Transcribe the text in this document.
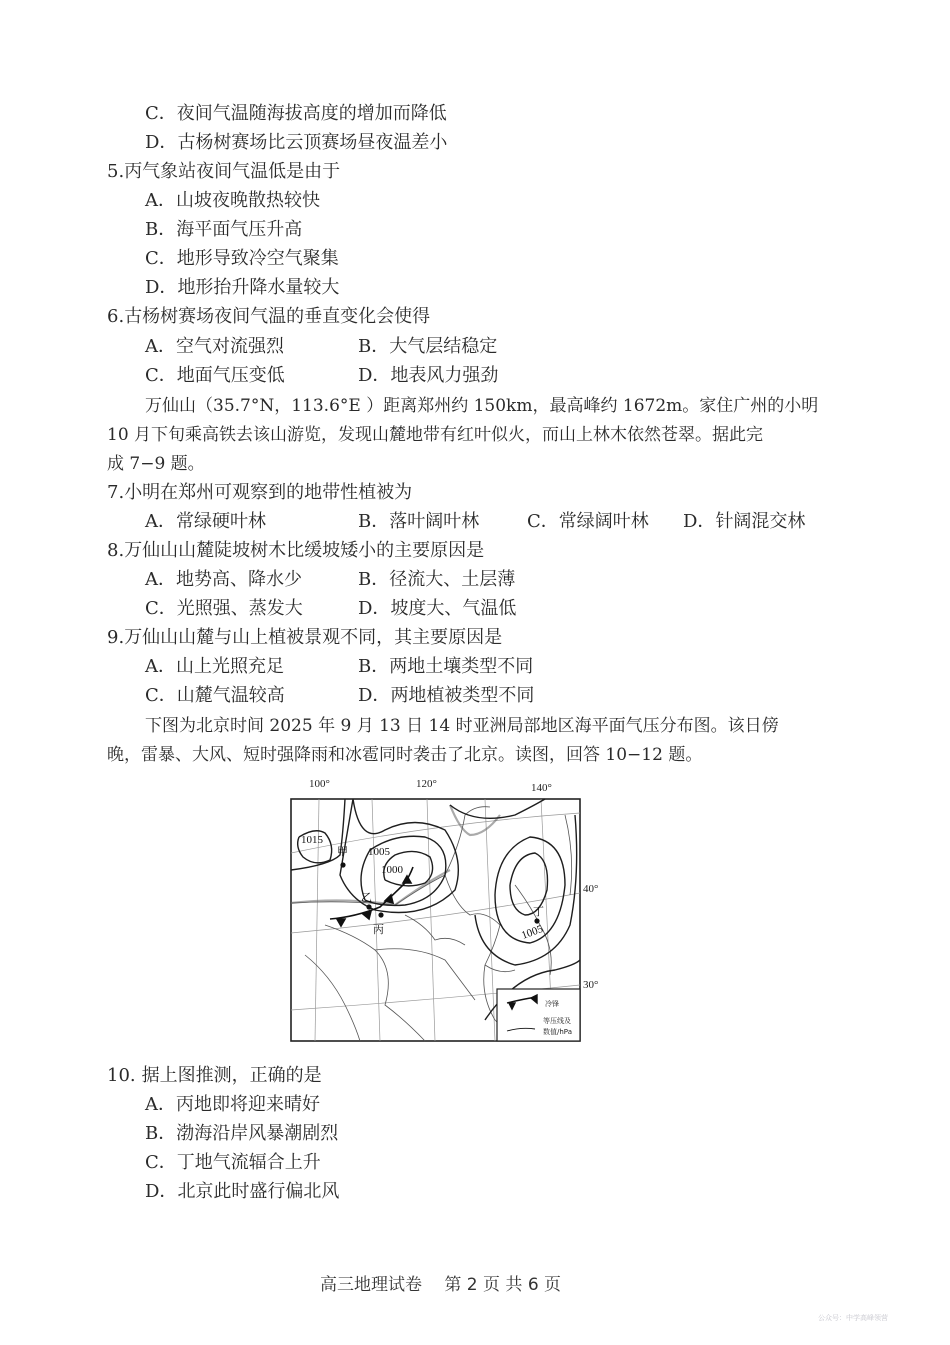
C．夜间气温随海拔高度的增加而降低
D．古杨树赛场比云顶赛场昼夜温差小
5.丙气象站夜间气温低是由于
A．山坡夜晚散热较快
B．海平面气压升高
C．地形导致冷空气聚集
D．地形抬升降水量较大
6.古杨树赛场夜间气温的垂直变化会使得
A．空气对流强烈	B．大气层结稳定
C．地面气压变低	D．地表风力强劲
万仙山（35.7°N，113.6°E ）距离郑州约 150km，最高峰约 1672m。家住广州的小明
10 月下旬乘高铁去该山游览，发现山麓地带有红叶似火，而山上林木依然苍翠。据此完
成 7−9 题。
7.小明在郑州可观察到的地带性植被为
A．常绿硬叶林	B．落叶阔叶林	C．常绿阔叶林 D．针阔混交林
8.万仙山山麓陡坡树木比缓坡矮小的主要原因是
A．地势高、降水少	B．径流大、土层薄
C．光照强、蒸发大	D．坡度大、气温低
9.万仙山山麓与山上植被景观不同，其主要原因是
A．山上光照充足	B．两地土壤类型不同
C．山麓气温较高	D．两地植被类型不同
下图为北京时间 2025 年 9 月 13 日 14 时亚洲局部地区海平面气压分布图。该日傍
晚，雷暴、大风、短时强降雨和冰雹同时袭击了北京。读图，回答 10−12 题。
100°	120°	140°
40°
30°
1015
1005
1000
1005
甲
乙
丙
丁
冷锋
等压线及
数值/hPa
10. 据上图推测，正确的是
A．丙地即将迎来晴好
B．渤海沿岸风暴潮剧烈
C．丁地气流辐合上升
D．北京此时盛行偏北风
高三地理试卷　 第 2 页 共 6 页
公众号：中学高峰领营
